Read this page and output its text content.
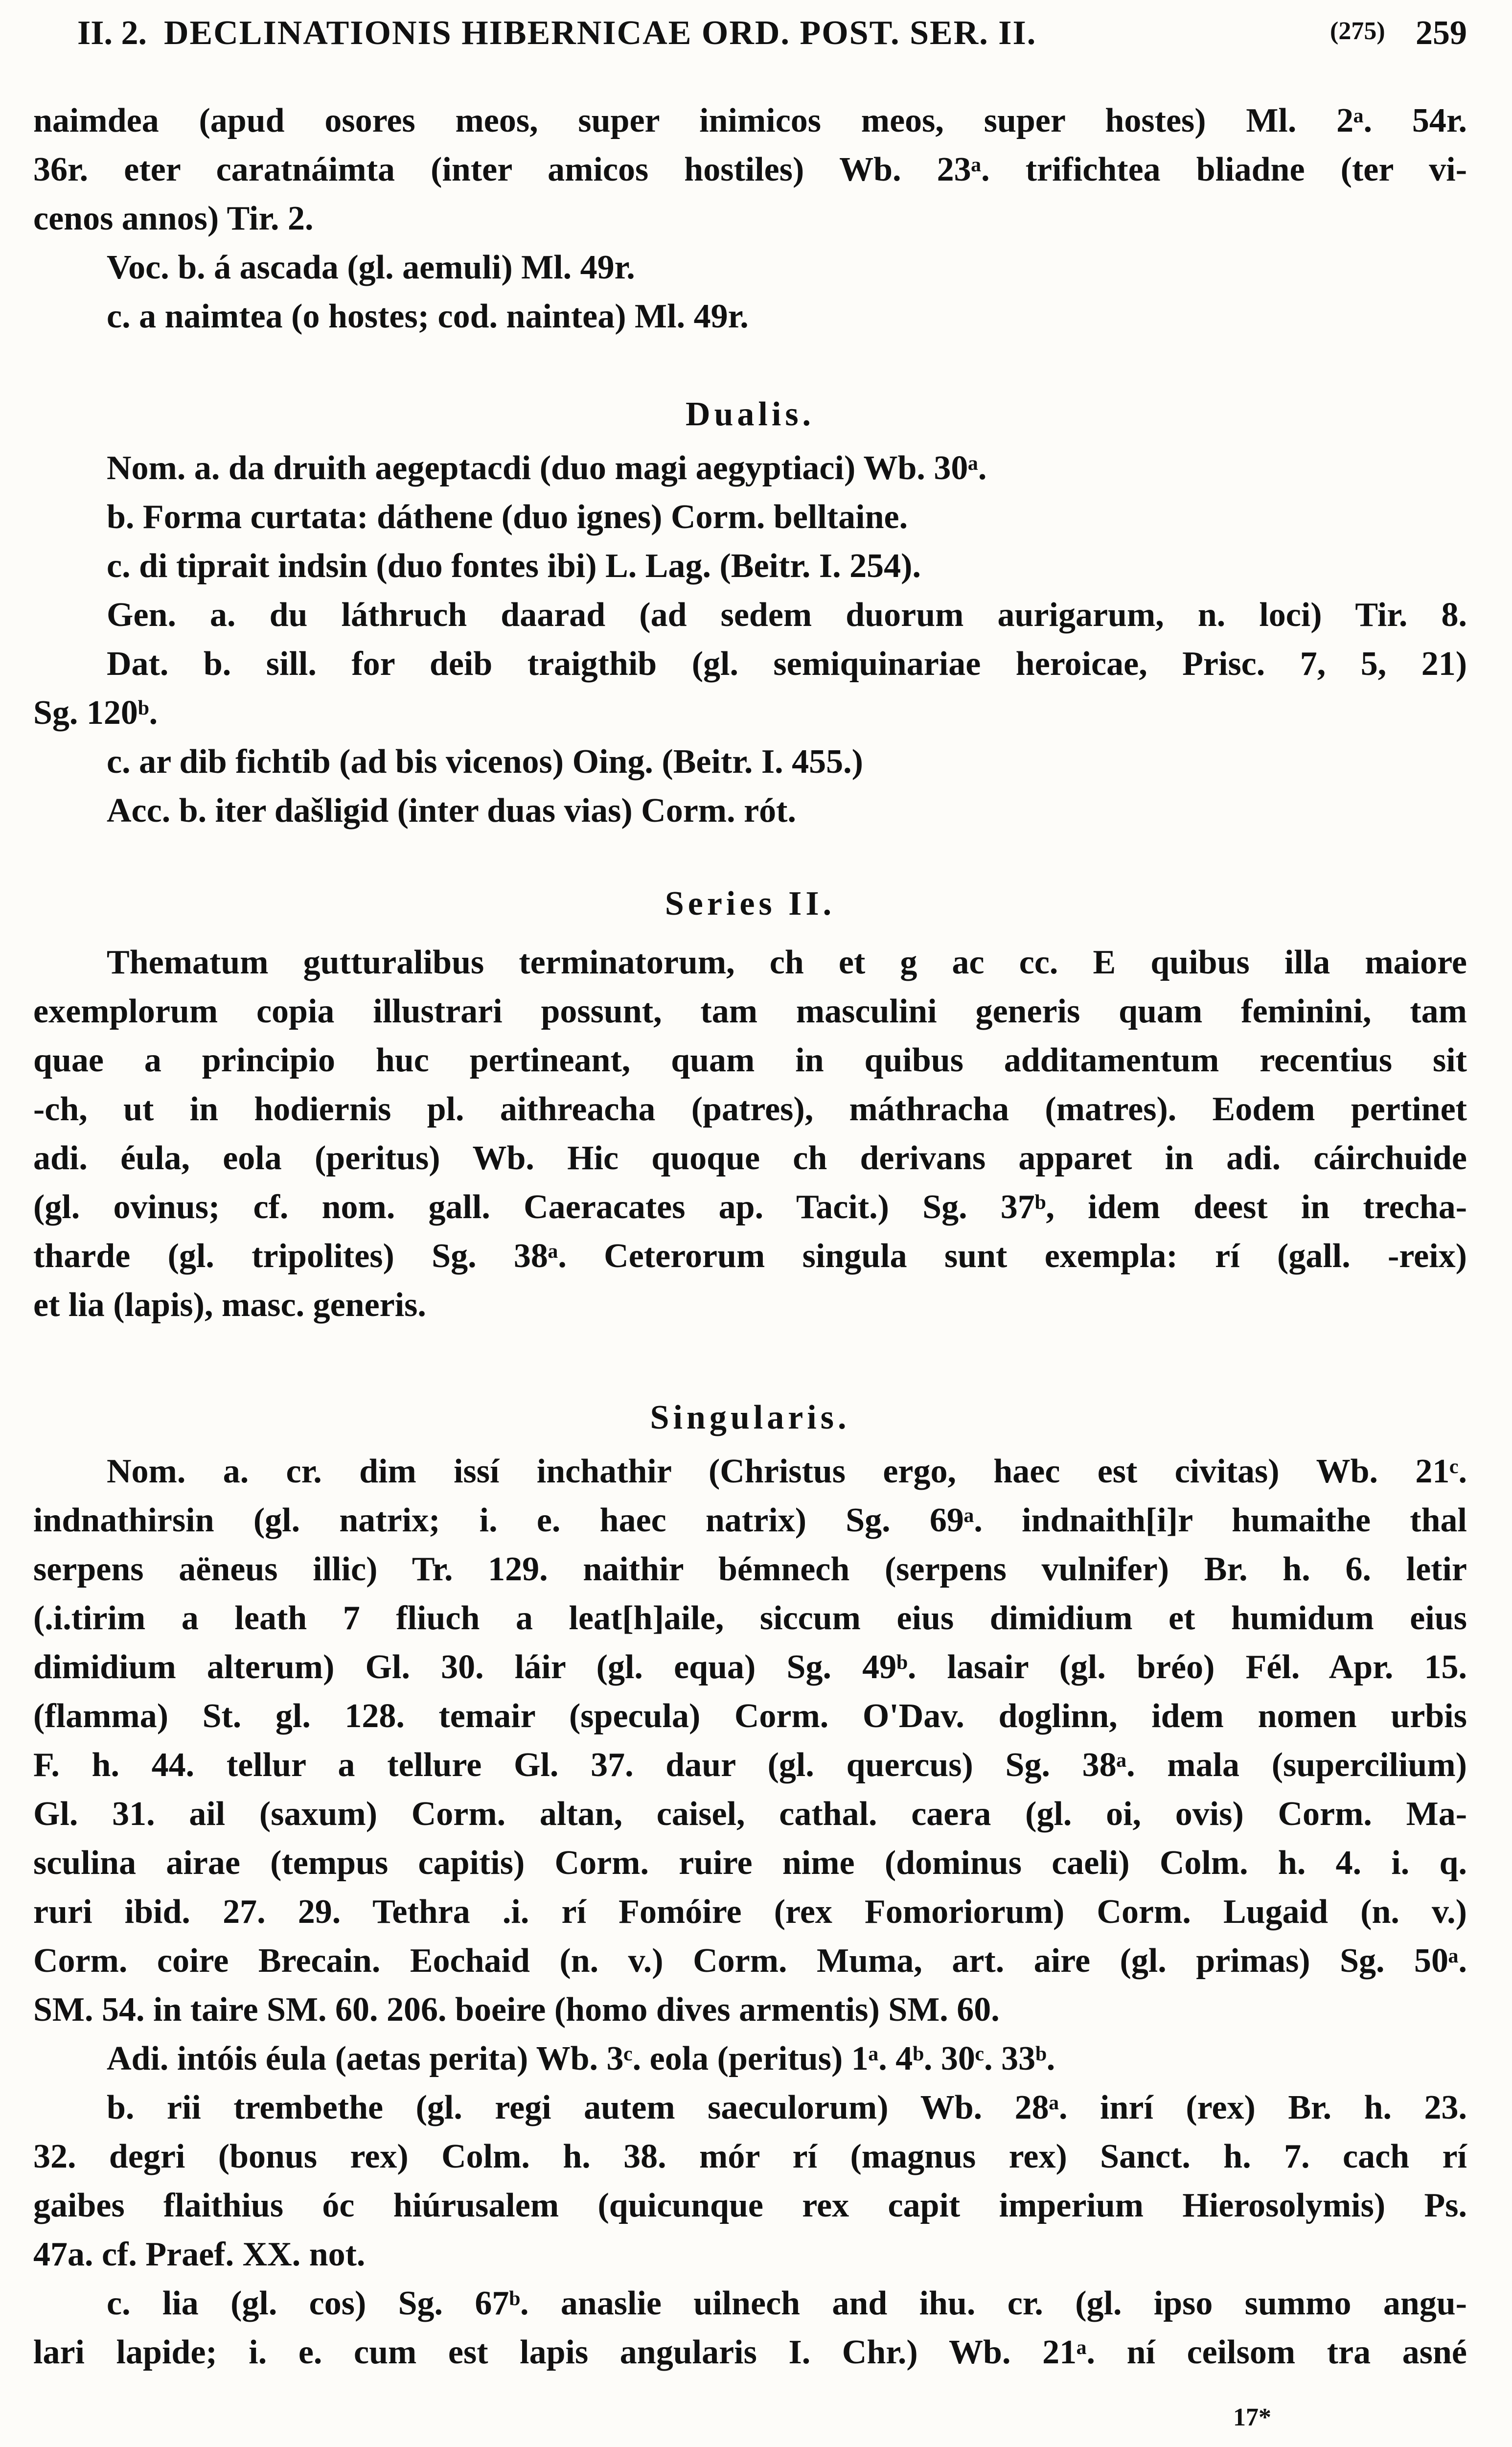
II. 2. DECLINATIONIS HIBERNICAE ORD. POST. SER. II.	(275) 259
naimdea (apud osores meos, super inimicos meos, super hostes) Ml. 2ᵃ. 54r.
36r. eter caratnáimta (inter amicos hostiles) Wb. 23ᵃ. trifichtea bliadne (ter vi-
cenos annos) Tir. 2.
Voc. b. á ascada (gl. aemuli) Ml. 49r.
c. a naimtea (o hostes; cod. naintea) Ml. 49r.
Dualis.
Nom. a. da druith aegeptacdi (duo magi aegyptiaci) Wb. 30ᵃ.
b. Forma curtata: dáthene (duo ignes) Corm. belltaine.
c. di tiprait indsin (duo fontes ibi) L. Lag. (Beitr. I. 254).
Gen. a. du láthruch daarad (ad sedem duorum aurigarum, n. loci) Tir. 8.
Dat. b. sill. for deib traigthib (gl. semiquinariae heroicae, Prisc. 7, 5, 21)
Sg. 120ᵇ.
c. ar dib fichtib (ad bis vicenos) Oing. (Beitr. I. 455.)
Acc. b. iter dašligid (inter duas vias) Corm. rót.
Series II.
Thematum gutturalibus terminatorum, ch et g ac cc. E quibus illa maiore
exemplorum copia illustrari possunt, tam masculini generis quam feminini, tam
quae a principio huc pertineant, quam in quibus additamentum recentius sit
-ch, ut in hodiernis pl. aithreacha (patres), máthracha (matres). Eodem pertinet
adi. éula, eola (peritus) Wb. Hic quoque ch derivans apparet in adi. cáirchuide
(gl. ovinus; cf. nom. gall. Caeracates ap. Tacit.) Sg. 37ᵇ, idem deest in trecha-
tharde (gl. tripolites) Sg. 38ᵃ. Ceterorum singula sunt exempla: rí (gall. -reix)
et lia (lapis), masc. generis.
Singularis.
Nom. a. cr. dim issí inchathir (Christus ergo, haec est civitas) Wb. 21ᶜ.
indnathirsin (gl. natrix; i. e. haec natrix) Sg. 69ᵃ. indnaith[i]r humaithe thal
serpens aëneus illic) Tr. 129. naithir bémnech (serpens vulnifer) Br. h. 6. letir
(.i.tirim a leath 7 fliuch a leat[h]aile, siccum eius dimidium et humidum eius
dimidium alterum) Gl. 30. láir (gl. equa) Sg. 49ᵇ. lasair (gl. bréo) Fél. Apr. 15.
(flamma) St. gl. 128. temair (specula) Corm. O'Dav. doglinn, idem nomen urbis
F. h. 44. tellur a tellure Gl. 37. daur (gl. quercus) Sg. 38ᵃ. mala (supercilium)
Gl. 31. ail (saxum) Corm. altan, caisel, cathal. caera (gl. oi, ovis) Corm. Ma-
sculina airae (tempus capitis) Corm. ruire nime (dominus caeli) Colm. h. 4. i. q.
ruri ibid. 27. 29. Tethra .i. rí Fomóire (rex Fomoriorum) Corm. Lugaid (n. v.)
Corm. coire Brecain. Eochaid (n. v.) Corm. Muma, art. aire (gl. primas) Sg. 50ᵃ.
SM. 54. in taire SM. 60. 206. boeire (homo dives armentis) SM. 60.
Adi. intóis éula (aetas perita) Wb. 3ᶜ. eola (peritus) 1ᵃ. 4ᵇ. 30ᶜ. 33ᵇ.
b. rii trembethe (gl. regi autem saeculorum) Wb. 28ᵃ. inrí (rex) Br. h. 23.
32. degri (bonus rex) Colm. h. 38. mór rí (magnus rex) Sanct. h. 7. cach rí
gaibes flaithius óc hiúrusalem (quicunque rex capit imperium Hierosolymis) Ps.
47a. cf. Praef. XX. not.
c. lia (gl. cos) Sg. 67ᵇ. anaslie uilnech and ihu. cr. (gl. ipso summo angu-
lari lapide; i. e. cum est lapis angularis I. Chr.) Wb. 21ᵃ. ní ceilsom tra asné
17*
